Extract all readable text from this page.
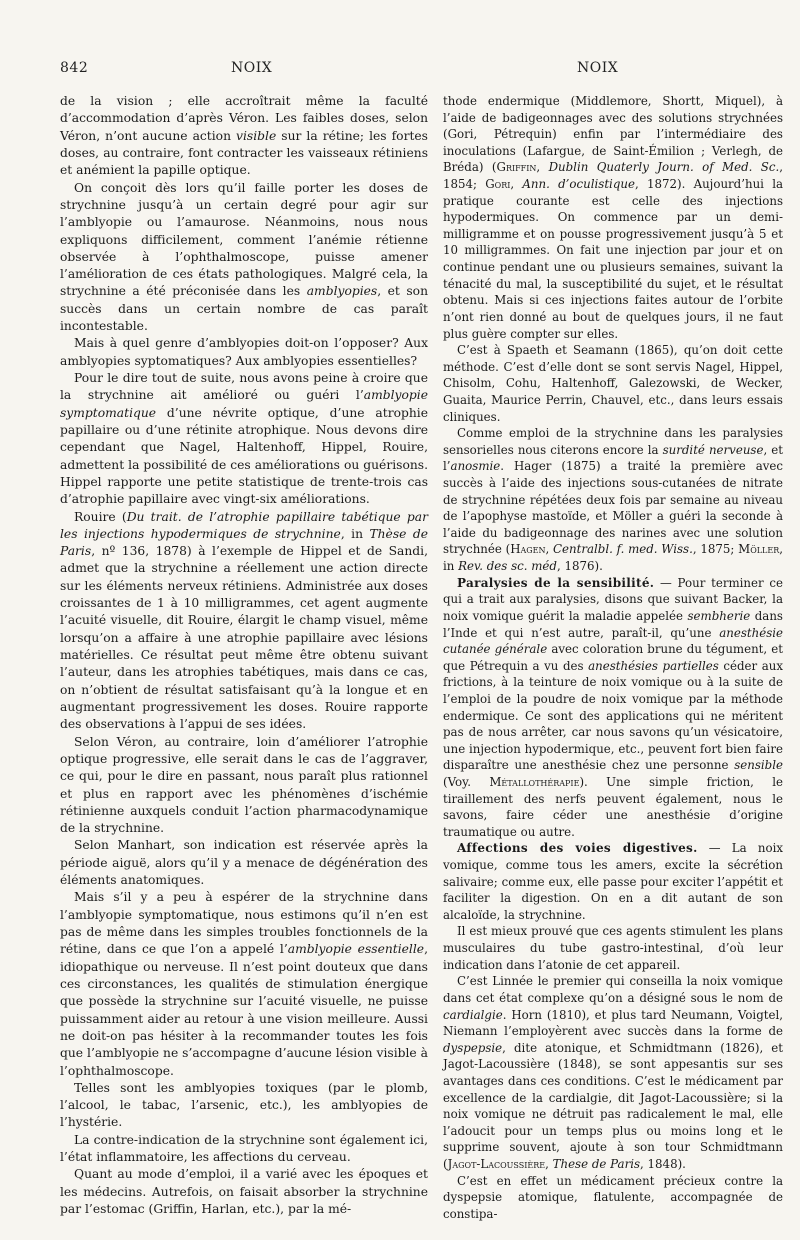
842	NOIX	NOIX

de la vision ; elle accroîtrait même la faculté d’accommodation d’après Véron. Les faibles doses, selon Véron, n’ont aucune action visible sur la rétine; les fortes doses, au contraire, font contracter les vaisseaux rétiniens et anémient la papille optique.

On conçoit dès lors qu’il faille porter les doses de strychnine jusqu’à un certain degré pour agir sur l’amblyopie ou l’amaurose. Néanmoins, nous nous expliquons difficilement, comment l’anémie rétienne observée à l’ophthalmoscope, puisse amener l’amélioration de ces états pathologiques. Malgré cela, la strychnine a été préconisée dans les amblyopies, et son succès dans un certain nombre de cas paraît incontestable.

Mais à quel genre d’amblyopies doit-on l’opposer? Aux amblyopies syptomatiques? Aux amblyopies essentielles?

Pour le dire tout de suite, nous avons peine à croire que la strychnine ait amélioré ou guéri l’amblyopie symptomatique d’une névrite optique, d’une atrophie papillaire ou d’une rétinite atrophique. Nous devons dire cependant que Nagel, Haltenhoff, Hippel, Rouire, admettent la possibilité de ces améliorations ou guérisons. Hippel rapporte une petite statistique de trente-trois cas d’atrophie papillaire avec vingt-six améliorations.

Rouire (Du trait. de l’atrophie papillaire tabétique par les injections hypodermiques de strychnine, in Thèse de Paris, nº 136, 1878) à l’exemple de Hippel et de Sandi, admet que la strychnine a réellement une action directe sur les éléments nerveux rétiniens. Administrée aux doses croissantes de 1 à 10 milligrammes, cet agent augmente l’acuité visuelle, dit Rouire, élargit le champ visuel, même lorsqu’on a affaire à une atrophie papillaire avec lésions matérielles. Ce résultat peut même être obtenu suivant l’auteur, dans les atrophies tabétiques, mais dans ce cas, on n’obtient de résultat satisfaisant qu’à la longue et en augmentant progressivement les doses. Rouire rapporte des observations à l’appui de ses idées.

Selon Véron, au contraire, loin d’améliorer l’atrophie optique progressive, elle serait dans le cas de l’aggraver, ce qui, pour le dire en passant, nous paraît plus rationnel et plus en rapport avec les phénomènes d’ischémie rétinienne auxquels conduit l’action pharmacodynamique de la strychnine.

Selon Manhart, son indication est réservée après la période aiguë, alors qu’il y a menace de dégénération des éléments anatomiques.

Mais s’il y a peu à espérer de la strychnine dans l’amblyopie symptomatique, nous estimons qu’il n’en est pas de même dans les simples troubles fonctionnels de la rétine, dans ce que l’on a appelé l’amblyopie essentielle, idiopathique ou nerveuse. Il n’est point douteux que dans ces circonstances, les qualités de stimulation énergique que possède la strychnine sur l’acuité visuelle, ne puisse puissamment aider au retour à une vision meilleure. Aussi ne doit-on pas hésiter à la recommander toutes les fois que l’amblyopie ne s’accompagne d’aucune lésion visible à l’ophthalmoscope.

Telles sont les amblyopies toxiques (par le plomb, l’alcool, le tabac, l’arsenic, etc.), les amblyopies de l’hystérie.

La contre-indication de la strychnine sont également ici, l’état inflammatoire, les affections du cerveau.

Quant au mode d’emploi, il a varié avec les époques et les médecins. Autrefois, on faisait absorber la strychnine par l’estomac (Griffin, Harlan, etc.), par la mé-

thode endermique (Middlemore, Shortt, Miquel), à l’aide de badigeonnages avec des solutions strychnées (Gori, Pétrequin) enfin par l’intermédiaire des inoculations (Lafargue, de Saint-Émilion ; Verlegh, de Bréda) (Griffin, Dublin Quaterly Journ. of Med. Sc., 1854; Gori, Ann. d’oculistique, 1872). Aujourd’hui la pratique courante est celle des injections hypodermiques. On commence par un demi-milligramme et on pousse progressivement jusqu’à 5 et 10 milligrammes. On fait une injection par jour et on continue pendant une ou plusieurs semaines, suivant la ténacité du mal, la susceptibilité du sujet, et le résultat obtenu. Mais si ces injections faites autour de l’orbite n’ont rien donné au bout de quelques jours, il ne faut plus guère compter sur elles.

C’est à Spaeth et Seamann (1865), qu’on doit cette méthode. C’est d’elle dont se sont servis Nagel, Hippel, Chisolm, Cohu, Haltenhoff, Galezowski, de Wecker, Guaita, Maurice Perrin, Chauvel, etc., dans leurs essais cliniques.

Comme emploi de la strychnine dans les paralysies sensorielles nous citerons encore la surdité nerveuse, et l’anosmie. Hager (1875) a traité la première avec succès à l’aide des injections sous-cutanées de nitrate de strychnine répétées deux fois par semaine au niveau de l’apophyse mastoïde, et Möller a guéri la seconde à l’aide du badigeonnage des narines avec une solution strychnée (Hagen, Centralbl. f. med. Wiss., 1875; Möller, in Rev. des sc. méd, 1876).

Paralysies de la sensibilité. — Pour terminer ce qui a trait aux paralysies, disons que suivant Backer, la noix vomique guérit la maladie appelée sembherie dans l’Inde et qui n’est autre, paraît-il, qu’une anesthésie cutanée générale avec coloration brune du tégument, et que Pétrequin a vu des anesthésies partielles céder aux frictions, à la teinture de noix vomique ou à la suite de l’emploi de la poudre de noix vomique par la méthode endermique. Ce sont des applications qui ne méritent pas de nous arrêter, car nous savons qu’un vésicatoire, une injection hypodermique, etc., peuvent fort bien faire disparaître une anesthésie chez une personne sensible (Voy. Métallothérapie). Une simple friction, le tiraillement des nerfs peuvent également, nous le savons, faire céder une anesthésie d’origine traumatique ou autre.

Affections des voies digestives. — La noix vomique, comme tous les amers, excite la sécrétion salivaire; comme eux, elle passe pour exciter l’appétit et faciliter la digestion. On en a dit autant de son alcaloïde, la strychnine.

Il est mieux prouvé que ces agents stimulent les plans musculaires du tube gastro-intestinal, d’où leur indication dans l’atonie de cet appareil.

C’est Linnée le premier qui conseilla la noix vomique dans cet état complexe qu’on a désigné sous le nom de cardialgie. Horn (1810), et plus tard Neumann, Voigtel, Niemann l’employèrent avec succès dans la forme de dyspepsie, dite atonique, et Schmidtmann (1826), et Jagot-Lacoussière (1848), se sont appesantis sur ses avantages dans ces conditions. C’est le médicament par excellence de la cardialgie, dit Jagot-Lacoussière; si la noix vomique ne détruit pas radicalement le mal, elle l’adoucit pour un temps plus ou moins long et le supprime souvent, ajoute à son tour Schmidtmann (Jagot-Lacoussière, These de Paris, 1848).

C’est en effet un médicament précieux contre la dyspepsie atomique, flatulente, accompagnée de constipa-
